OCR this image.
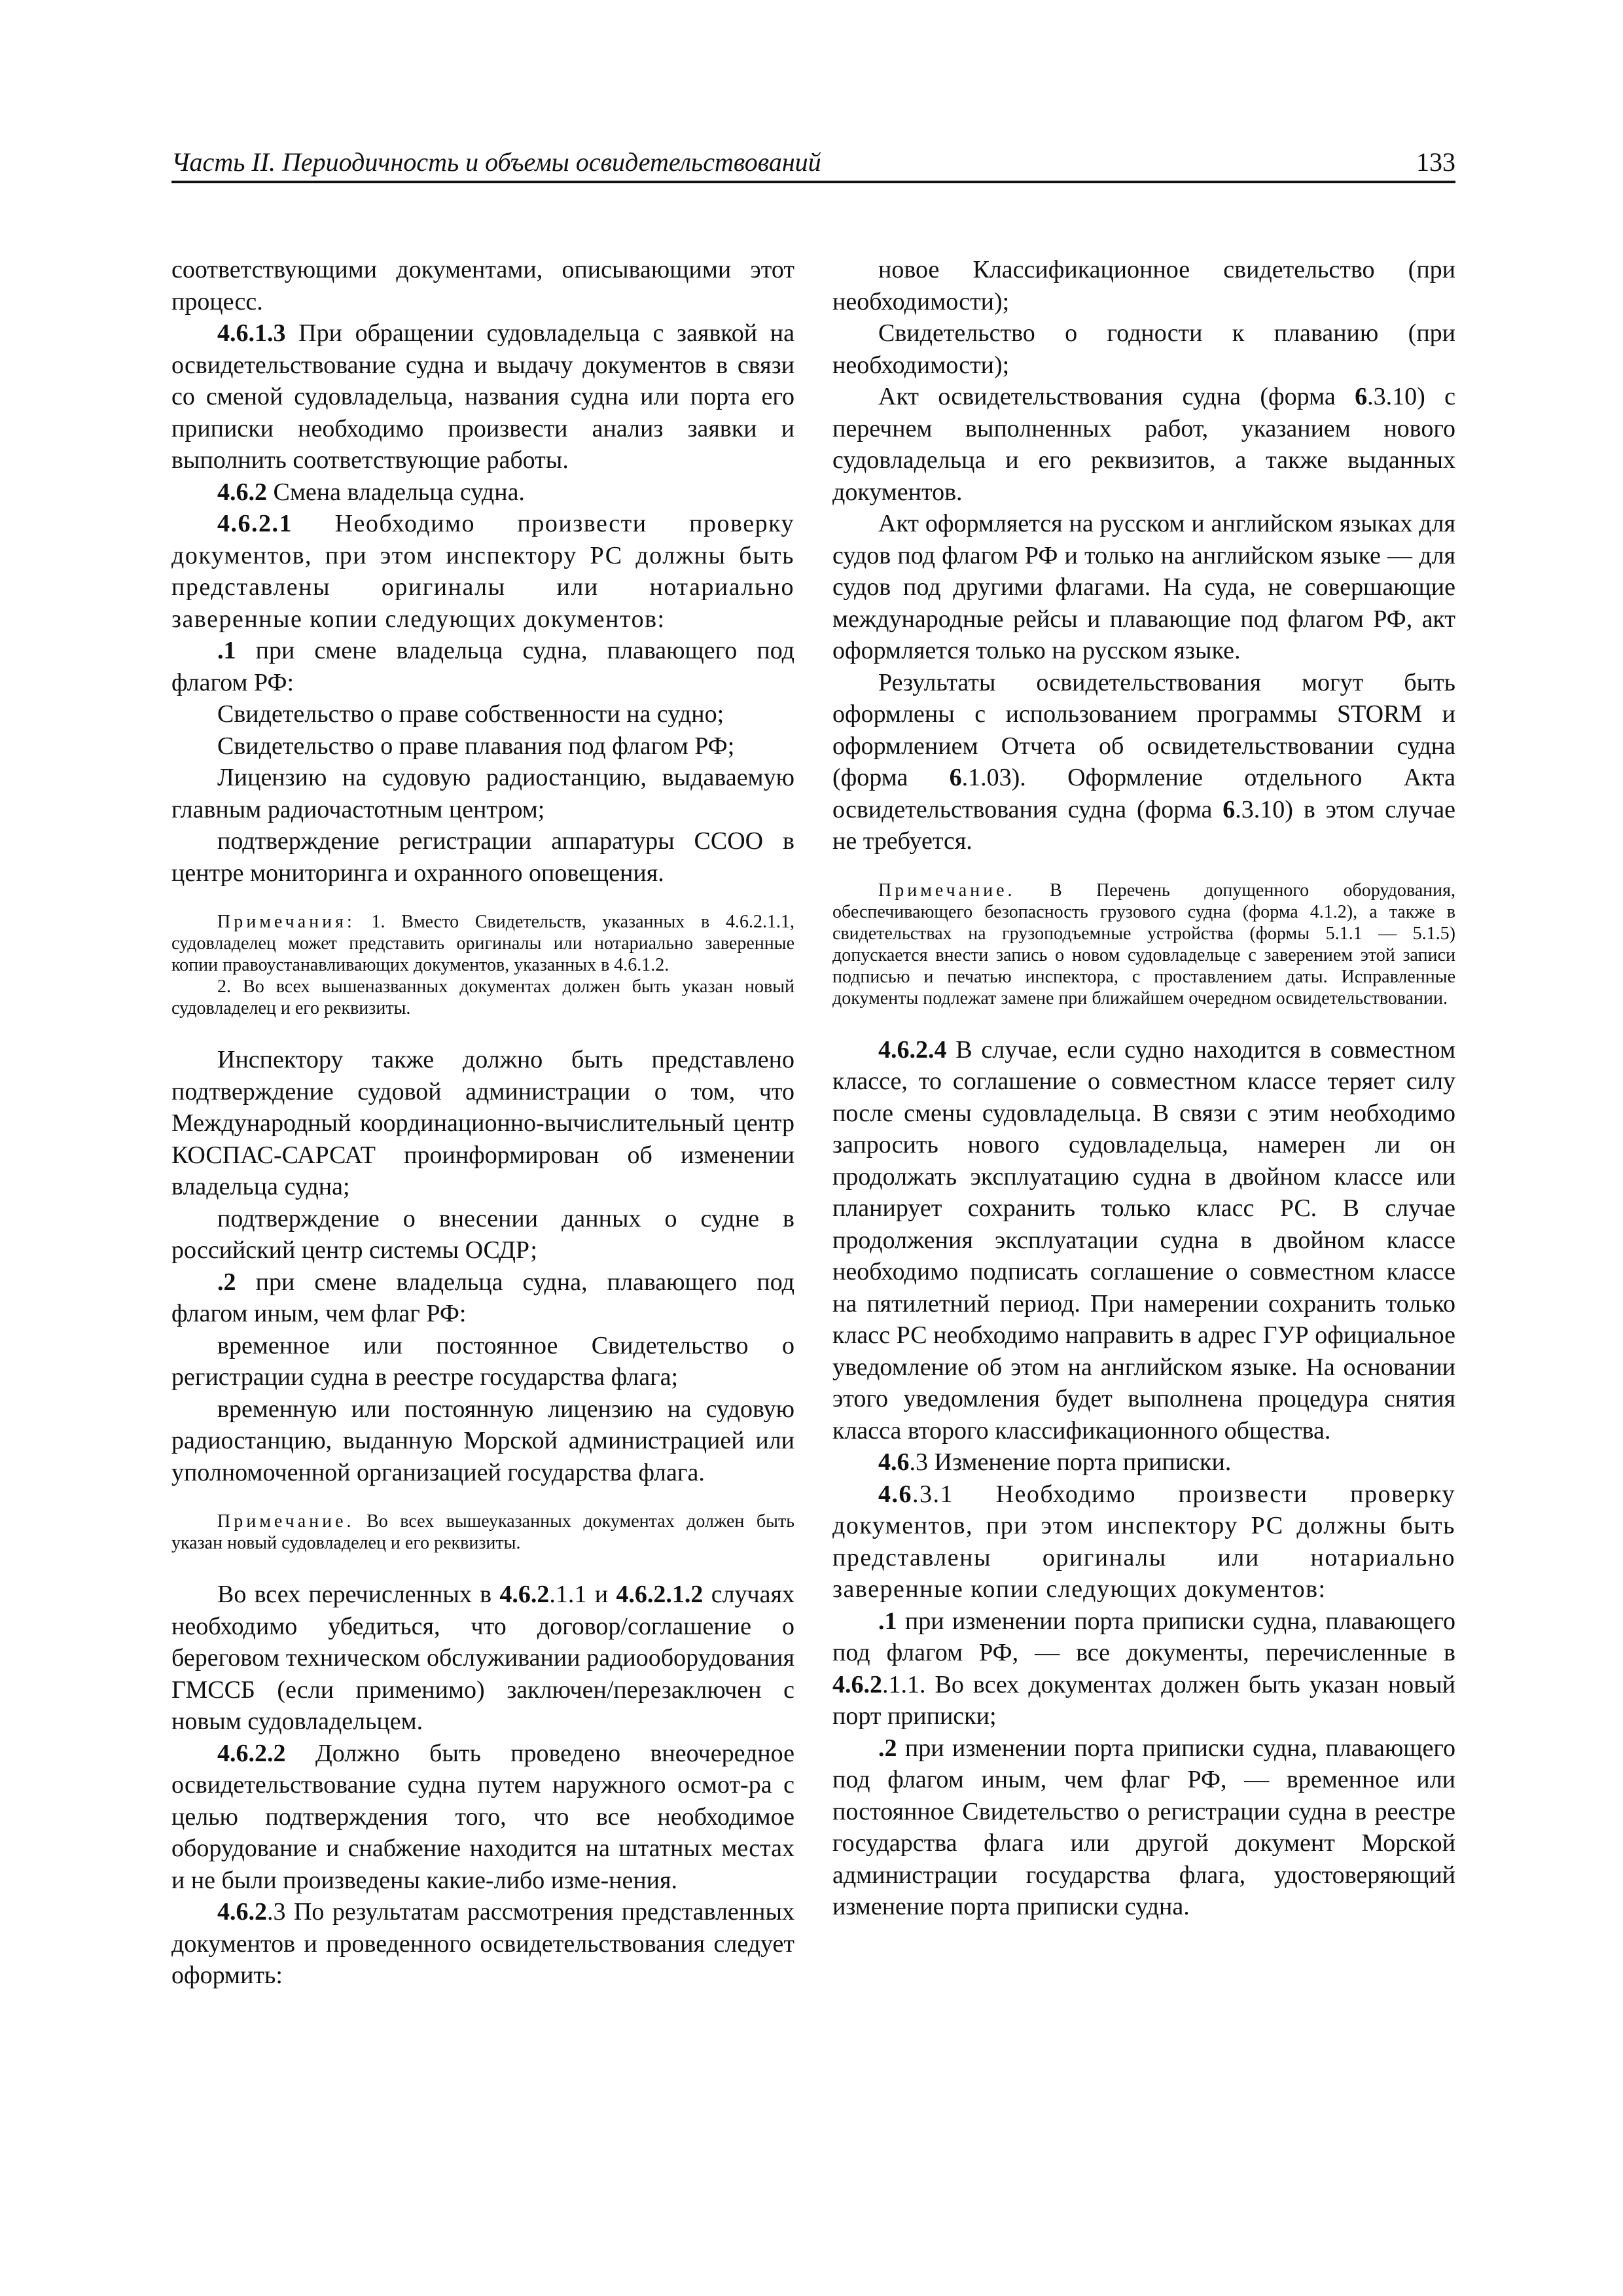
Часть II. Периодичность и объемы освидетельствований	133

соответствующими документами, описывающими этот процесс.

4.6.1.3 При обращении судовладельца с заявкой на освидетельствование судна и выдачу документов в связи со сменой судовладельца, названия судна или порта его приписки необходимо произвести анализ заявки и выполнить соответствующие работы.

4.6.2 Смена владельца судна.

4.6.2.1 Необходимо произвести проверку документов, при этом инспектору РС должны быть представлены оригиналы или нотариально заверенные копии следующих документов:

.1 при смене владельца судна, плавающего под флагом РФ:

Свидетельство о праве собственности на судно;

Свидетельство о праве плавания под флагом РФ;

Лицензию на судовую радиостанцию, выдаваемую главным радиочастотным центром;

подтверждение регистрации аппаратуры ССОО в центре мониторинга и охранного оповещения.

Примечания: 1. Вместо Свидетельств, указанных в 4.6.2.1.1, судовладелец может представить оригиналы или нотариально заверенные копии правоустанавливающих документов, указанных в 4.6.1.2.

2. Во всех вышеназванных документах должен быть указан новый судовладелец и его реквизиты.

Инспектору также должно быть представлено подтверждение судовой администрации о том, что Международный координационно-вычислительный центр КОСПАС-САРСАТ проинформирован об изменении владельца судна;

подтверждение о внесении данных о судне в российский центр системы ОСДР;

.2 при смене владельца судна, плавающего под флагом иным, чем флаг РФ:

временное или постоянное Свидетельство о регистрации судна в реестре государства флага;

временную или постоянную лицензию на судовую радиостанцию, выданную Морской администрацией или уполномоченной организацией государства флага.

Примечание. Во всех вышеуказанных документах должен быть указан новый судовладелец и его реквизиты.

Во всех перечисленных в 4.6.2.1.1 и 4.6.2.1.2 случаях необходимо убедиться, что договор/соглашение о береговом техническом обслуживании радиооборудования ГМССБ (если применимо) заключен/перезаключен с новым судовладельцем.

4.6.2.2 Должно быть проведено внеочередное освидетельствование судна путем наружного осмот-ра с целью подтверждения того, что все необходимое оборудование и снабжение находится на штатных местах и не были произведены какие-либо изме-нения.

4.6.2.3 По результатам рассмотрения представленных документов и проведенного освидетельствования следует оформить:

новое Классификационное свидетельство (при необходимости);

Свидетельство о годности к плаванию (при необходимости);

Акт освидетельствования судна (форма 6.3.10) с перечнем выполненных работ, указанием нового судовладельца и его реквизитов, а также выданных документов.

Акт оформляется на русском и английском языках для судов под флагом РФ и только на английском языке — для судов под другими флагами. На суда, не совершающие международные рейсы и плавающие под флагом РФ, акт оформляется только на русском языке.

Результаты освидетельствования могут быть оформлены с использованием программы STORM и оформлением Отчета об освидетельствовании судна (форма 6.1.03). Оформление отдельного Акта освидетельствования судна (форма 6.3.10) в этом случае не требуется.

Примечание. В Перечень допущенного оборудования, обеспечивающего безопасность грузового судна (форма 4.1.2), а также в свидетельствах на грузоподъемные устройства (формы 5.1.1 — 5.1.5) допускается внести запись о новом судовладельце с заверением этой записи подписью и печатью инспектора, с проставлением даты. Исправленные документы подлежат замене при ближайшем очередном освидетельствовании.

4.6.2.4 В случае, если судно находится в совместном классе, то соглашение о совместном классе теряет силу после смены судовладельца. В связи с этим необходимо запросить нового судовладельца, намерен ли он продолжать эксплуатацию судна в двойном классе или планирует сохранить только класс РС. В случае продолжения эксплуатации судна в двойном классе необходимо подписать соглашение о совместном классе на пятилетний период. При намерении сохранить только класс РС необходимо направить в адрес ГУР официальное уведомление об этом на английском языке. На основании этого уведомления будет выполнена процедура снятия класса второго классификационного общества.

4.6.3 Изменение порта приписки.

4.6.3.1 Необходимо произвести проверку документов, при этом инспектору РС должны быть представлены оригиналы или нотариально заверенные копии следующих документов:

.1 при изменении порта приписки судна, плавающего под флагом РФ, — все документы, перечисленные в 4.6.2.1.1. Во всех документах должен быть указан новый порт приписки;

.2 при изменении порта приписки судна, плавающего под флагом иным, чем флаг РФ, — временное или постоянное Свидетельство о регистрации судна в реестре государства флага или другой документ Морской администрации государства флага, удостоверяющий изменение порта приписки судна.
